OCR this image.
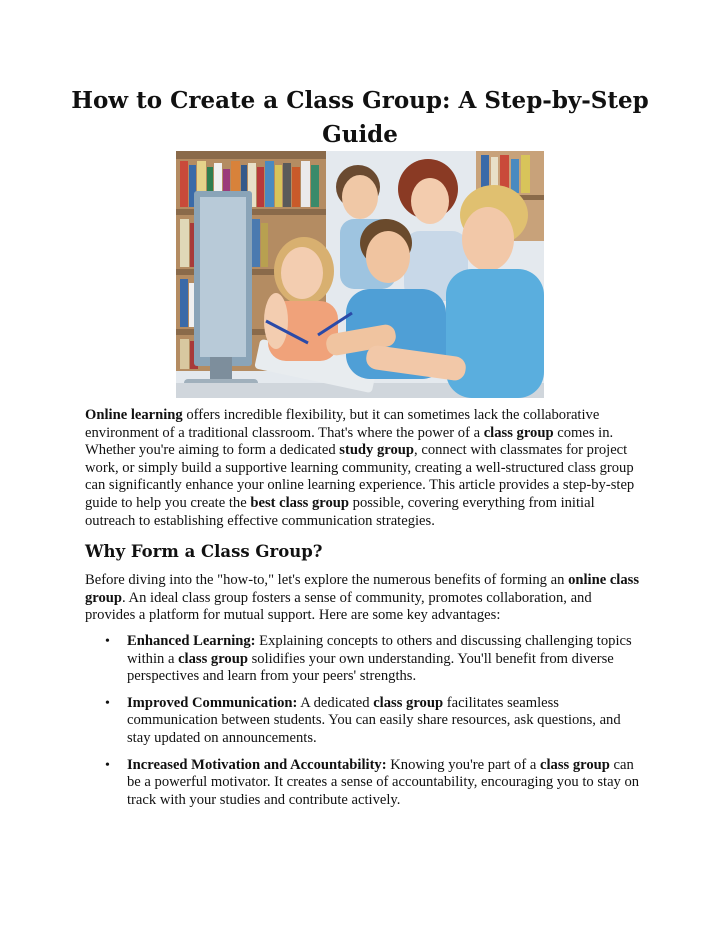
How to Create a Class Group: A Step-by-Step Guide

Online learning offers incredible flexibility, but it can sometimes lack the collaborative environment of a traditional classroom. That's where the power of a class group comes in. Whether you're aiming to form a dedicated study group, connect with classmates for project work, or simply build a supportive learning community, creating a well-structured class group can significantly enhance your online learning experience. This article provides a step-by-step guide to help you create the best class group possible, covering everything from initial outreach to establishing effective communication strategies.

Why Form a Class Group?

Before diving into the "how-to," let's explore the numerous benefits of forming an online class group. An ideal class group fosters a sense of community, promotes collaboration, and provides a platform for mutual support. Here are some key advantages:

• Enhanced Learning: Explaining concepts to others and discussing challenging topics within a class group solidifies your own understanding. You'll benefit from diverse perspectives and learn from your peers' strengths.
• Improved Communication: A dedicated class group facilitates seamless communication between students. You can easily share resources, ask questions, and stay updated on announcements.
• Increased Motivation and Accountability: Knowing you're part of a class group can be a powerful motivator. It creates a sense of accountability, encouraging you to stay on track with your studies and contribute actively.
